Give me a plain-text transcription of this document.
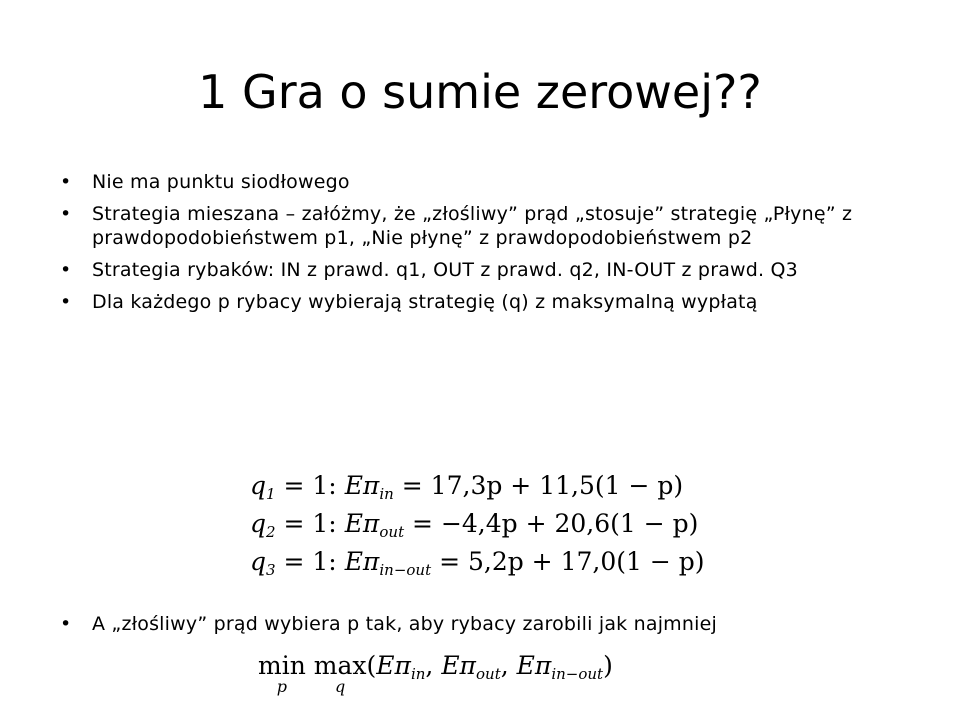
1 Gra o sumie zerowej??
• Nie ma punktu siodłowego
• Strategia mieszana – załóżmy, że „złośliwy” prąd „stosuje” strategię „Płynę” z prawdopodobieństwem p1, „Nie płynę” z prawdopodobieństwem p2
• Strategia rybaków: IN z prawd. q1, OUT z prawd. q2, IN-OUT z prawd. Q3
• Dla każdego p rybacy wybierają strategię (q) z maksymalną wypłatą
$q_1 = 1$: $E\pi_{in} = 17,3p + 11,5(1 - p)$
$q_2 = 1$: $E\pi_{out} = -4,4p + 20,6(1 - p)$
$q_3 = 1$: $E\pi_{in-out} = 5,2p + 17,0(1 - p)$
• A „złośliwy” prąd wybiera p tak, aby rybacy zarobili jak najmniej
min
p
max
q
($E\pi_{in}$, $E\pi_{out}$, $E\pi_{in-out}$)
